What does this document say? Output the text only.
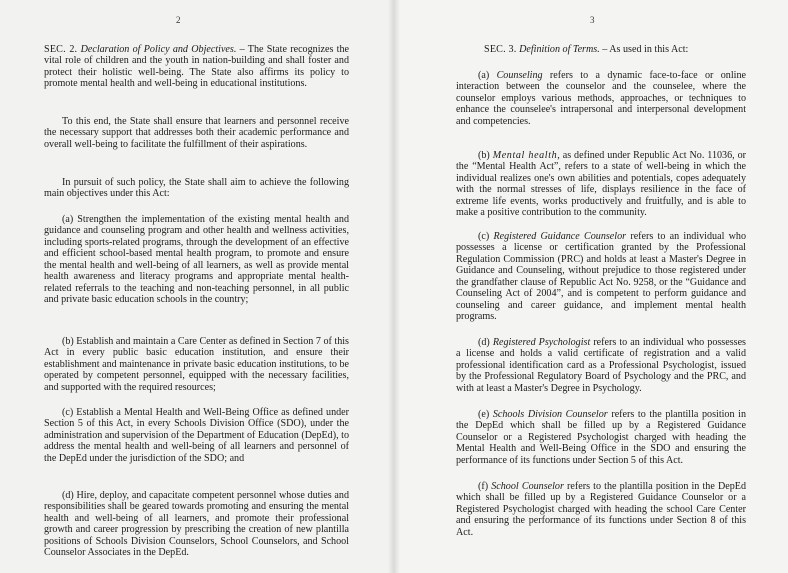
2

SEC. 2. Declaration of Policy and Objectives. – The State recognizes the vital role of children and the youth in nation-building and shall foster and protect their holistic well-being. The State also affirms its policy to promote mental health and well-being in educational institutions.

To this end, the State shall ensure that learners and personnel receive the necessary support that addresses both their academic performance and overall well-being to facilitate the fulfillment of their aspirations.

In pursuit of such policy, the State shall aim to achieve the following main objectives under this Act:

(a) Strengthen the implementation of the existing mental health and guidance and counseling program and other health and wellness activities, including sports-related programs, through the development of an effective and efficient school-based mental health program, to promote and ensure the mental health and well-being of all learners, as well as provide mental health awareness and literacy programs and appropriate mental health-related referrals to the teaching and non-teaching personnel, in all public and private basic education schools in the country;

(b) Establish and maintain a Care Center as defined in Section 7 of this Act in every public basic education institution, and ensure their establishment and maintenance in private basic education institutions, to be operated by competent personnel, equipped with the necessary facilities, and supported with the required resources;

(c) Establish a Mental Health and Well-Being Office as defined under Section 5 of this Act, in every Schools Division Office (SDO), under the administration and supervision of the Department of Education (DepEd), to address the mental health and well-being of all learners and personnel of the DepEd under the jurisdiction of the SDO; and

(d) Hire, deploy, and capacitate competent personnel whose duties and responsibilities shall be geared towards promoting and ensuring the mental health and well-being of all learners, and promote their professional growth and career progression by prescribing the creation of new plantilla positions of Schools Division Counselors, School Counselors, and School Counselor Associates in the DepEd.

3

SEC. 3. Definition of Terms. – As used in this Act:

(a) Counseling refers to a dynamic face-to-face or online interaction between the counselor and the counselee, where the counselor employs various methods, approaches, or techniques to enhance the counselee's intrapersonal and interpersonal development and competencies.

(b) Mental health, as defined under Republic Act No. 11036, or the “Mental Health Act”, refers to a state of well-being in which the individual realizes one's own abilities and potentials, copes adequately with the normal stresses of life, displays resilience in the face of extreme life events, works productively and fruitfully, and is able to make a positive contribution to the community.

(c) Registered Guidance Counselor refers to an individual who possesses a license or certification granted by the Professional Regulation Commission (PRC) and holds at least a Master's Degree in Guidance and Counseling, without prejudice to those registered under the grandfather clause of Republic Act No. 9258, or the “Guidance and Counseling Act of 2004”, and is competent to perform guidance and counseling and career guidance, and implement mental health programs.

(d) Registered Psychologist refers to an individual who possesses a license and holds a valid certificate of registration and a valid professional identification card as a Professional Psychologist, issued by the Professional Regulatory Board of Psychology and the PRC, and with at least a Master's Degree in Psychology.

(e) Schools Division Counselor refers to the plantilla position in the DepEd which shall be filled up by a Registered Guidance Counselor or a Registered Psychologist charged with heading the Mental Health and Well-Being Office in the SDO and ensuring the performance of its functions under Section 5 of this Act.

(f) School Counselor refers to the plantilla position in the DepEd which shall be filled up by a Registered Guidance Counselor or a Registered Psychologist charged with heading the school Care Center and ensuring the performance of its functions under Section 8 of this Act.
